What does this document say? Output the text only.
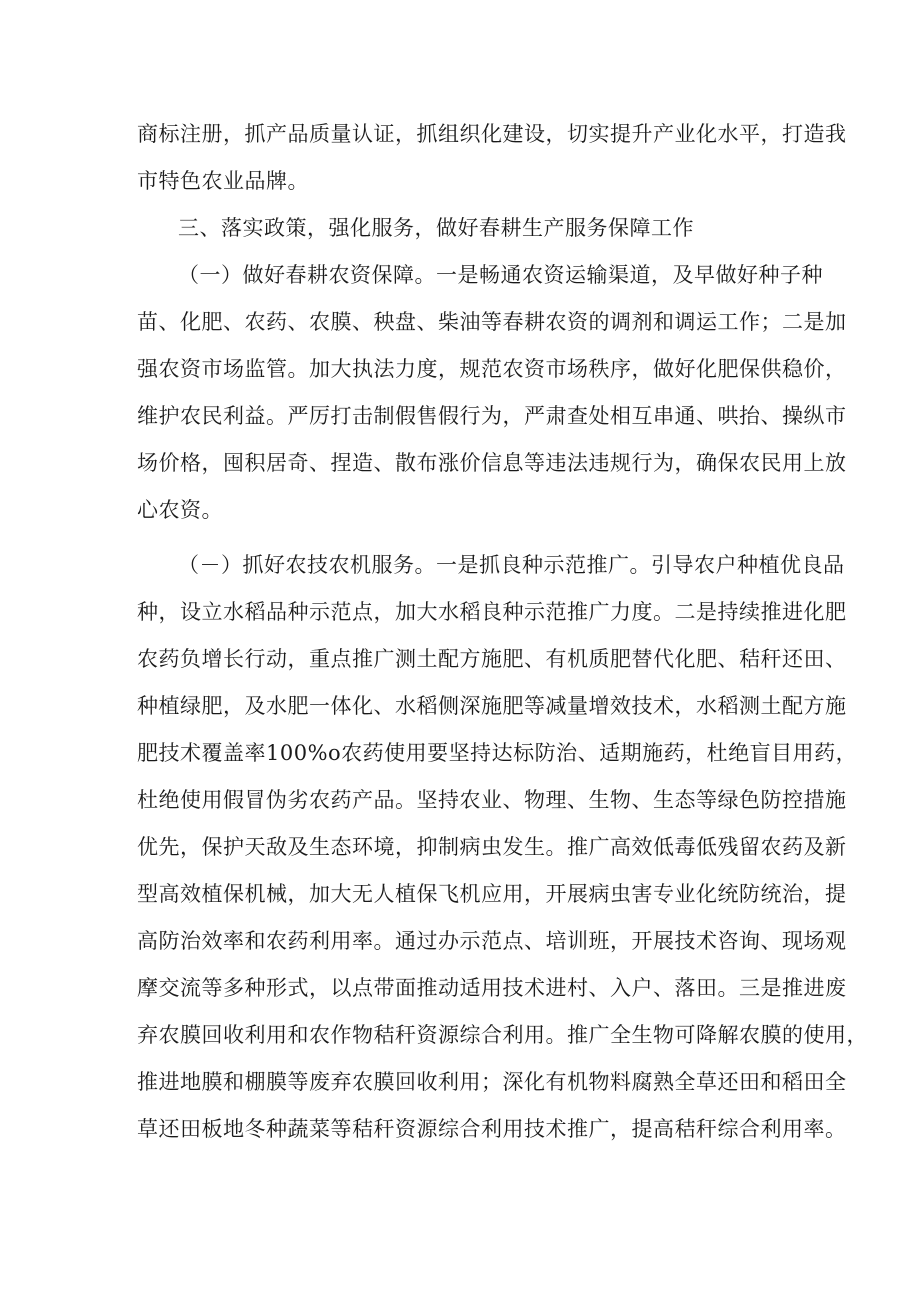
商标注册，抓产品质量认证，抓组织化建设，切实提升产业化水平，打造我
市特色农业品牌。
三、落实政策，强化服务，做好春耕生产服务保障工作
（一）做好春耕农资保障。一是畅通农资运输渠道，及早做好种子种
苗、化肥、农药、农膜、秧盘、柴油等春耕农资的调剂和调运工作；二是加
强农资市场监管。加大执法力度，规范农资市场秩序，做好化肥保供稳价，
维护农民利益。严厉打击制假售假行为，严肃查处相互串通、哄抬、操纵市
场价格，囤积居奇、捏造、散布涨价信息等违法违规行为，确保农民用上放
心农资。
（－）抓好农技农机服务。一是抓良种示范推广。引导农户种植优良品
种，设立水稻品种示范点，加大水稻良种示范推广力度。二是持续推进化肥
农药负增长行动，重点推广测土配方施肥、有机质肥替代化肥、秸秆还田、
种植绿肥，及水肥一体化、水稻侧深施肥等减量增效技术，水稻测土配方施
肥技术覆盖率100%o农药使用要坚持达标防治、适期施药，杜绝盲目用药，
杜绝使用假冒伪劣农药产品。坚持农业、物理、生物、生态等绿色防控措施
优先，保护天敌及生态环境，抑制病虫发生。推广高效低毒低残留农药及新
型高效植保机械，加大无人植保飞机应用，开展病虫害专业化统防统治，提
高防治效率和农药利用率。通过办示范点、培训班，开展技术咨询、现场观
摩交流等多种形式，以点带面推动适用技术进村、入户、落田。三是推进废
弃农膜回收利用和农作物秸秆资源综合利用。推广全生物可降解农膜的使用，
推进地膜和棚膜等废弃农膜回收利用；深化有机物料腐熟全草还田和稻田全
草还田板地冬种蔬菜等秸秆资源综合利用技术推广，提高秸秆综合利用率。
